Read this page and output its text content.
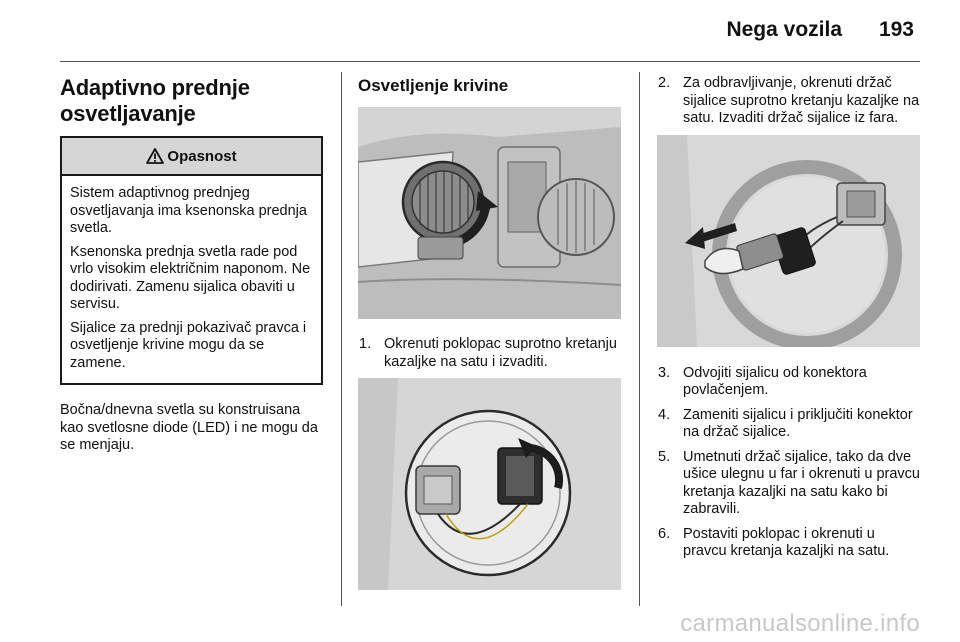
Nega vozila 193
Adaptivno prednje osvetljavanje
Opasnost

Sistem adaptivnog prednjeg osvetljavanja ima ksenonska prednja svetla.

Ksenonska prednja svetla rade pod vrlo visokim električnim naponom. Ne dodirivati. Zamenu sijalica obaviti u servisu.

Sijalice za prednji pokazivač pravca i osvetljenje krivine mogu da se zamene.

Bočna/dnevna svetla su konstruisana kao svetlosne diode (LED) i ne mogu da se menjaju.

Osvetljenje krivine
1. Okrenuti poklopac suprotno kretanju kazaljke na satu i izvaditi.
2. Za odbravljivanje, okrenuti držač sijalice suprotno kretanju kazaljke na satu. Izvaditi držač sijalice iz fara.
3. Odvojiti sijalicu od konektora povlačenjem.
4. Zameniti sijalicu i priključiti konektor na držač sijalice.
5. Umetnuti držač sijalice, tako da dve ušice ulegnu u far i okrenuti u pravcu kretanja kazaljki na satu kako bi zabravili.
6. Postaviti poklopac i okrenuti u pravcu kretanja kazaljki na satu.
carmanualsonline.info
